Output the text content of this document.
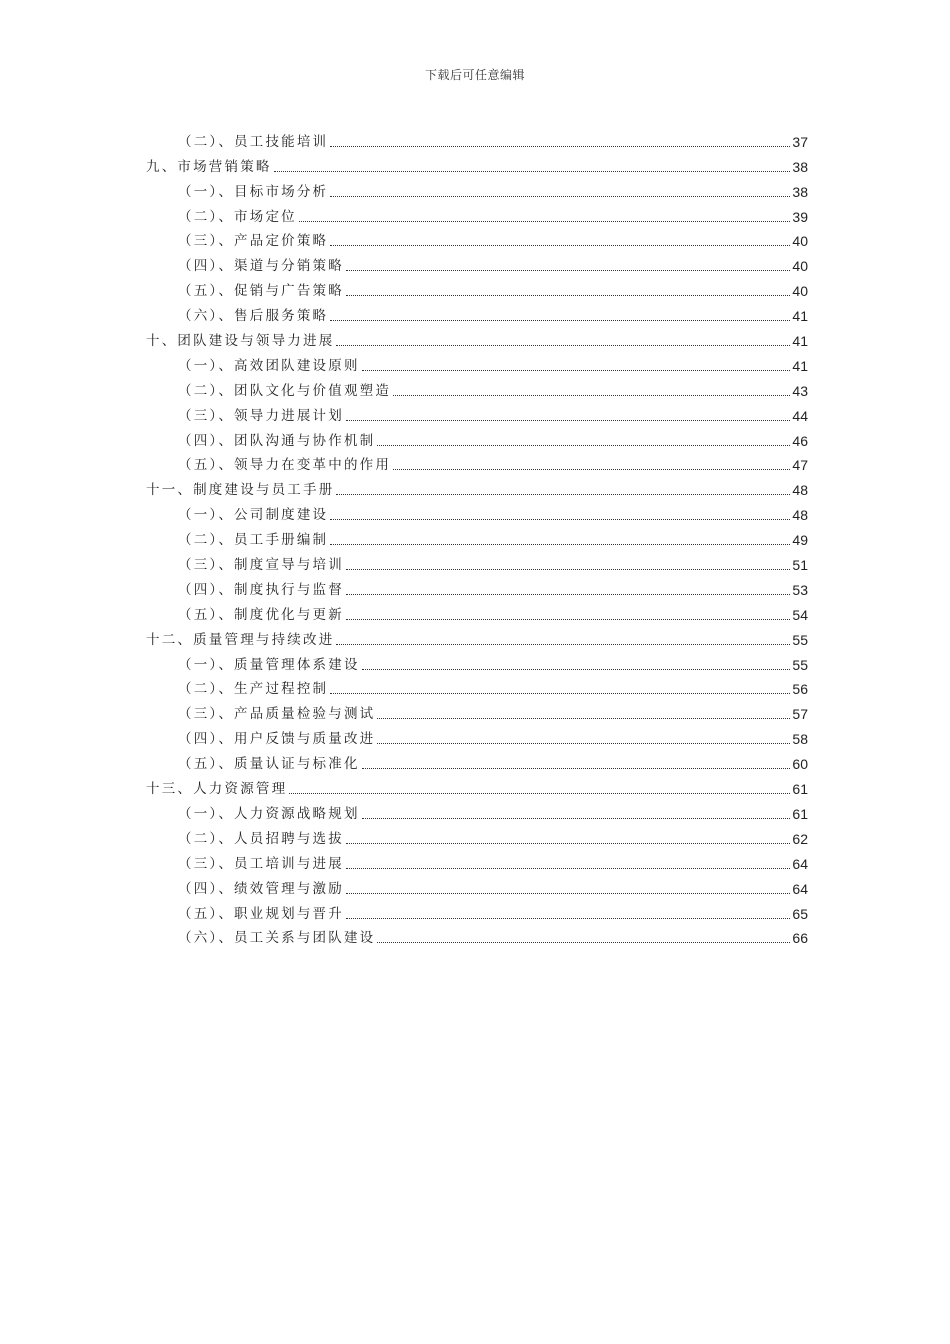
下载后可任意编辑
（二）、员工技能培训	37
九、市场营销策略	38
（一）、目标市场分析	38
（二）、市场定位	39
（三）、产品定价策略	40
（四）、渠道与分销策略	40
（五）、促销与广告策略	40
（六）、售后服务策略	41
十、团队建设与领导力进展	41
（一）、高效团队建设原则	41
（二）、团队文化与价值观塑造	43
（三）、领导力进展计划	44
（四）、团队沟通与协作机制	46
（五）、领导力在变革中的作用	47
十一、制度建设与员工手册	48
（一）、公司制度建设	48
（二）、员工手册编制	49
（三）、制度宣导与培训	51
（四）、制度执行与监督	53
（五）、制度优化与更新	54
十二、质量管理与持续改进	55
（一）、质量管理体系建设	55
（二）、生产过程控制	56
（三）、产品质量检验与测试	57
（四）、用户反馈与质量改进	58
（五）、质量认证与标准化	60
十三、人力资源管理	61
（一）、人力资源战略规划	61
（二）、人员招聘与选拔	62
（三）、员工培训与进展	64
（四）、绩效管理与激励	64
（五）、职业规划与晋升	65
（六）、员工关系与团队建设	66
